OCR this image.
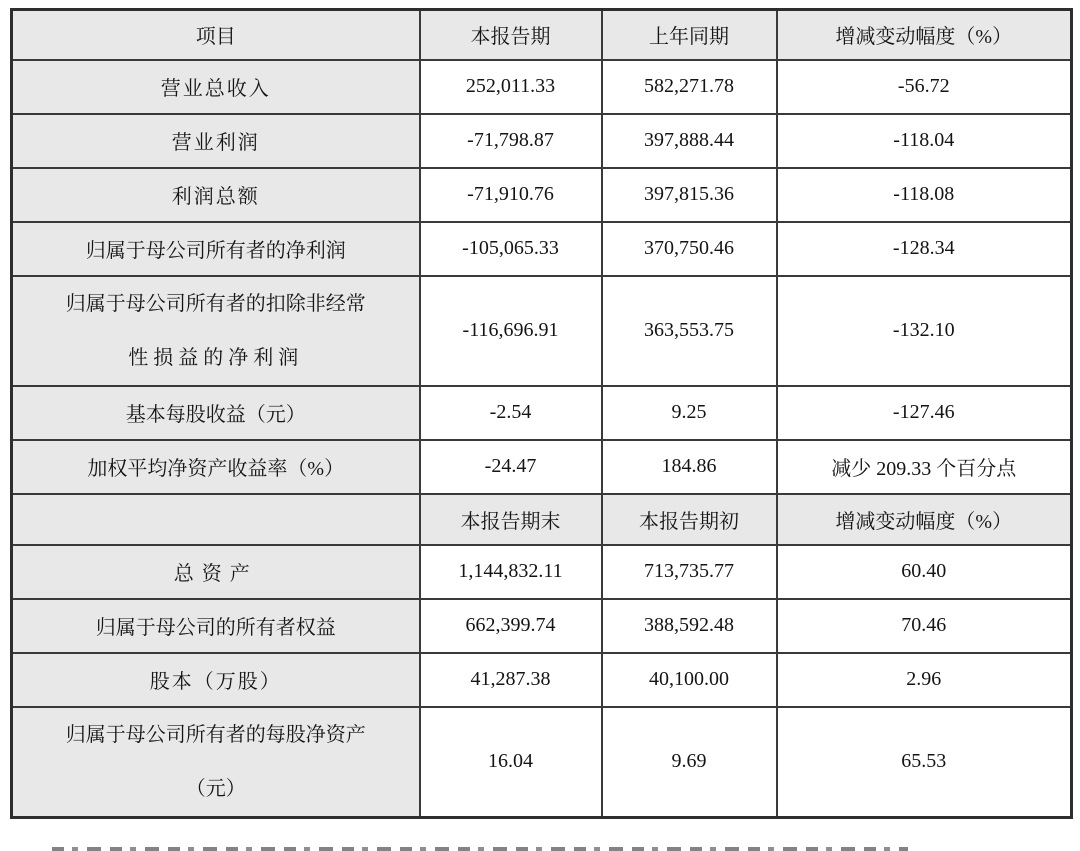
项目	本报告期	上年同期	增减变动幅度（%）
营业总收入	252,011.33	582,271.78	-56.72
营业利润	-71,798.87	397,888.44	-118.04
利润总额	-71,910.76	397,815.36	-118.08
归属于母公司所有者的净利润	-105,065.33	370,750.46	-128.34

归属于母公司所有者的扣除非经常
性损益的净利润	-116,696.91	363,553.75	-132.10
基本每股收益（元）	-2.54	9.25	-127.46
加权平均净资产收益率（%）	-24.47	184.86	减少 209.33 个百分点
	本报告期末	本报告期初	增减变动幅度（%）
总资产	1,144,832.11	713,735.77	60.40
归属于母公司的所有者权益	662,399.74	388,592.48	70.46
股本（万股）	41,287.38	40,100.00	2.96

归属于母公司所有者的每股净资产
（元）	16.04	9.69	65.53
